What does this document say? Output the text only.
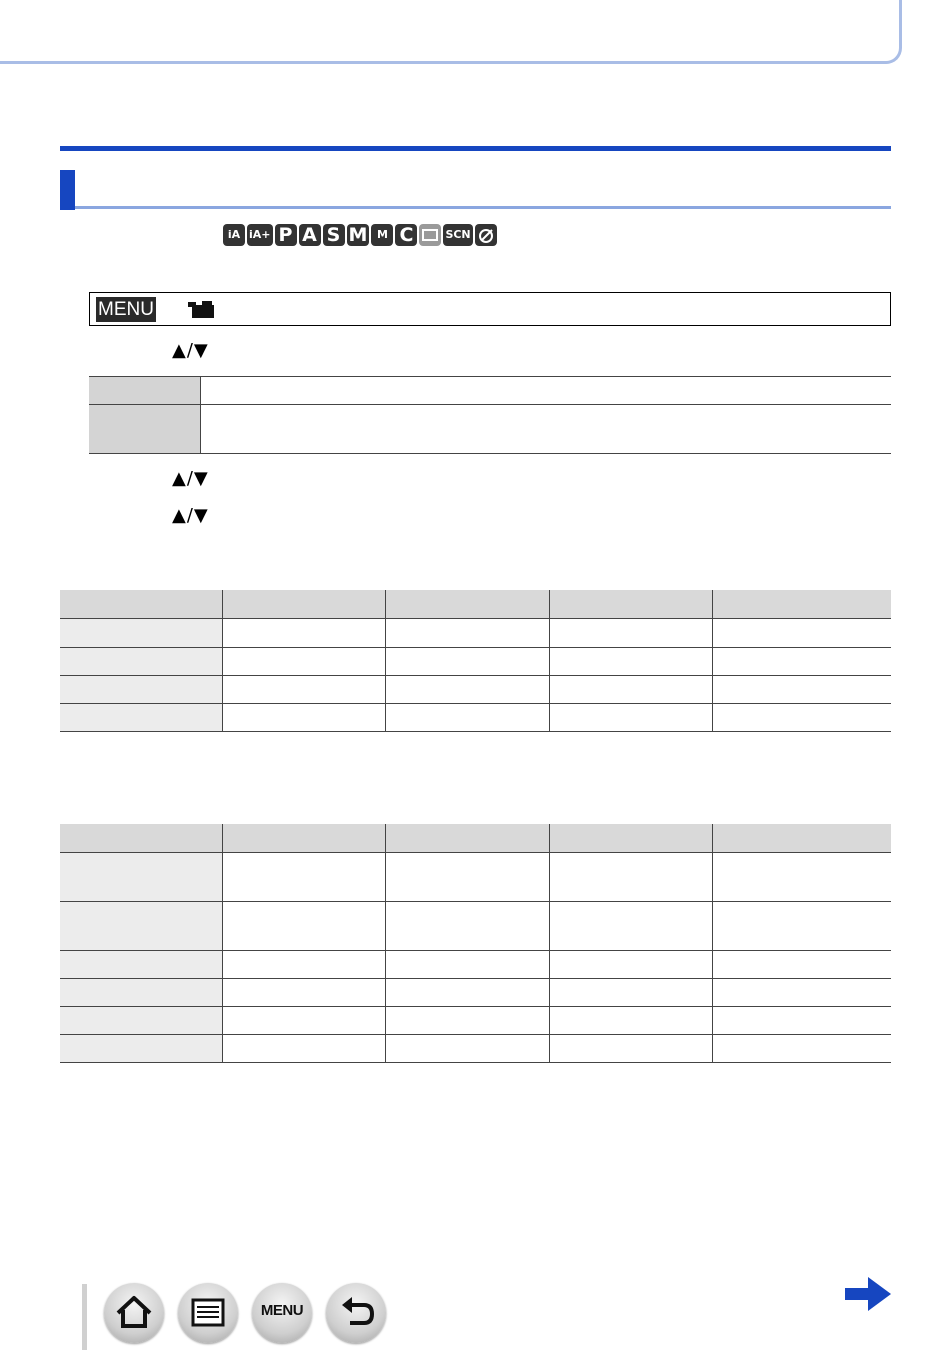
iA iA+ P A S M M C	SCN
MENU
▲/▼
▲/▼
▲/▼

MENU
